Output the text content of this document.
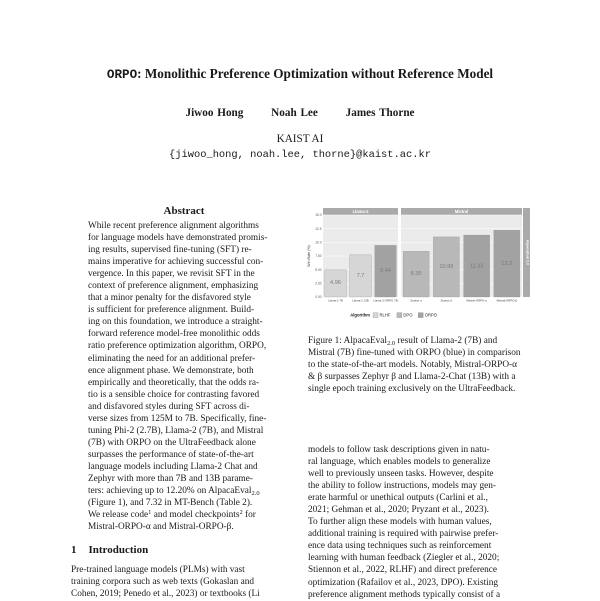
ORPO: Monolithic Preference Optimization without Reference Model
Jiwoo Hong Noah Lee James Thorne
KAIST AI
{jiwoo_hong, noah.lee, thorne}@kaist.ac.kr
Abstract
While recent preference alignment algorithms
for language models have demonstrated promis-
ing results, supervised fine-tuning (SFT) re-
mains imperative for achieving successful con-
vergence. In this paper, we revisit SFT in the
context of preference alignment, emphasizing
that a minor penalty for the disfavored style
is sufficient for preference alignment. Build-
ing on this foundation, we introduce a straight-
forward reference model-free monolithic odds
ratio preference optimization algorithm, ORPO,
eliminating the need for an additional prefer-
ence alignment phase. We demonstrate, both
empirically and theoretically, that the odds ra-
tio is a sensible choice for contrasting favored
and disfavored styles during SFT across di-
verse sizes from 125M to 7B. Specifically, fine-
tuning Phi-2 (2.7B), Llama-2 (7B), and Mistral
(7B) with ORPO on the UltraFeedback alone
surpasses the performance of state-of-the-art
language models including Llama-2 Chat and
Zephyr with more than 7B and 13B parame-
ters: achieving up to 12.20% on AlpacaEval$_{2.0}$
(Figure 1), and 7.32 in MT-Bench (Table 2).
We release code$^1$ and model checkpoints$^2$ for
Mistral-ORPO-α and Mistral-ORPO-β.
1 Introduction
Pre-trained language models (PLMs) with vast
training corpora such as web texts (Gokaslan and
Cohen, 2019; Penedo et al., 2023) or textbooks (Li
Win Rate (%)
Llama-2
0.00
2.50
5.00
7.50
10.0
12.5
15.0
4.96
Llama-2 7B
7.7
Llama-2 13B
9.44
Llama-2-ORPO 7B
Mistral
8.35
Zephyr α
10.99
Zephyr β
11.33
Mistral-ORPO-α
12.2
Mistral-ORPO-β
AlpacaEval 2.0
Algorithm RLHF	DPO	ORPO
Figure 1: AlpacaEval$_{2.0}$ result of Llama-2 (7B) and
Mistral (7B) fine-tuned with ORPO (blue) in comparison
to the state-of-the-art models. Notably, Mistral-ORPO-α
& β surpasses Zephyr β and Llama-2-Chat (13B) with a
single epoch training exclusively on the UltraFeedback.
models to follow task descriptions given in natu-
ral language, which enables models to generalize
well to previously unseen tasks. However, despite
the ability to follow instructions, models may gen-
erate harmful or unethical outputs (Carlini et al.,
2021; Gehman et al., 2020; Pryzant et al., 2023).
To further align these models with human values,
additional training is required with pairwise prefer-
ence data using techniques such as reinforcement
learning with human feedback (Ziegler et al., 2020;
Stiennon et al., 2022, RLHF) and direct preference
optimization (Rafailov et al., 2023, DPO). Existing
preference alignment methods typically consist of a
